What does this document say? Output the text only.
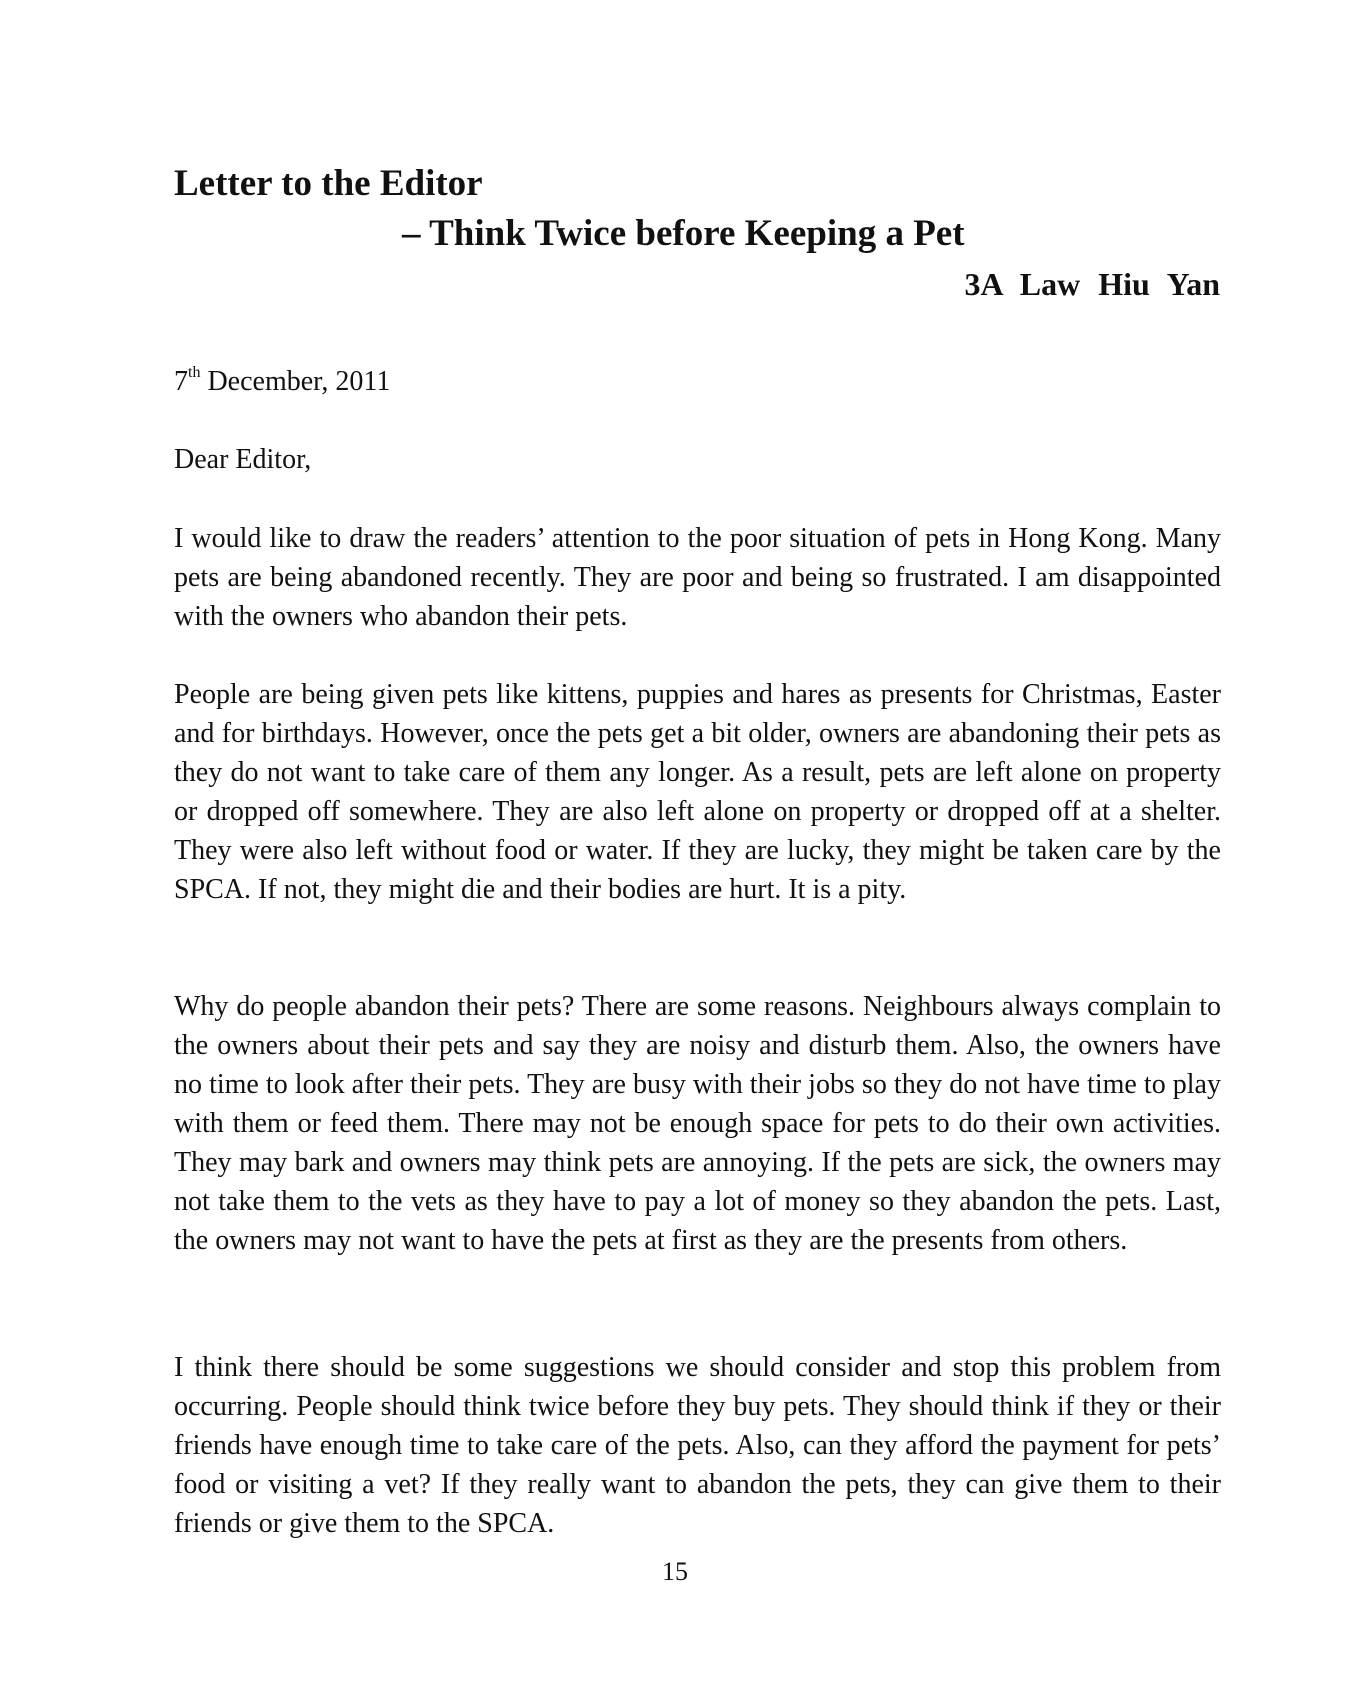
Letter to the Editor
– Think Twice before Keeping a Pet
3A Law Hiu Yan
7th December, 2011
Dear Editor,

I would like to draw the readers’ attention to the poor situation of pets in Hong Kong. Many pets are being abandoned recently. They are poor and being so frustrated. I am disappointed with the owners who abandon their pets.

People are being given pets like kittens, puppies and hares as presents for Christmas, Easter and for birthdays. However, once the pets get a bit older, owners are abandoning their pets as they do not want to take care of them any longer. As a result, pets are left alone on property or dropped off somewhere. They are also left alone on property or dropped off at a shelter. They were also left without food or water. If they are lucky, they might be taken care by the SPCA. If not, they might die and their bodies are hurt. It is a pity.

Why do people abandon their pets? There are some reasons. Neighbours always complain to the owners about their pets and say they are noisy and disturb them. Also, the owners have no time to look after their pets. They are busy with their jobs so they do not have time to play with them or feed them. There may not be enough space for pets to do their own activities. They may bark and owners may think pets are annoying. If the pets are sick, the owners may not take them to the vets as they have to pay a lot of money so they abandon the pets. Last, the owners may not want to have the pets at first as they are the presents from others.

I think there should be some suggestions we should consider and stop this problem from occurring. People should think twice before they buy pets. They should think if they or their friends have enough time to take care of the pets. Also, can they afford the payment for pets’ food or visiting a vet? If they really want to abandon the pets, they can give them to their friends or give them to the SPCA.

15
